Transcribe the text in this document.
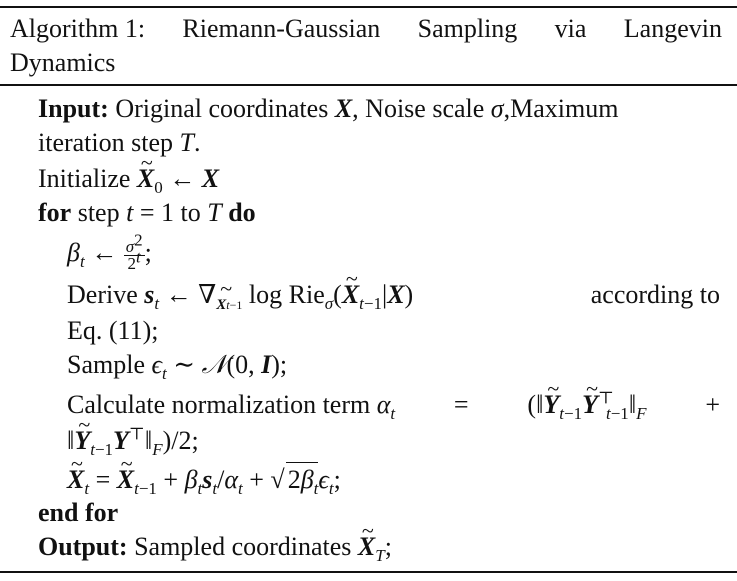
Algorithm 1: Riemann-Gaussian Sampling via Langevin
Dynamics
Input: Original coordinates X, Noise scale σ,Maximum
iteration step T.
Initialize ~ $X_0$ ← X
for step t = 1 to T do
$\beta_t$ ← $\frac{\sigma^2}{2^t}$ ;
Derive $s_t$ ← $\nabla_{Xt-1}$ log Rie$_\sigma$(~ $X_{t-1}|X$)	according to
Eq. (11);
Sample $\epsilon_t$ ∼ 𝒩(0, I);
Calculate normalization term $\alpha_t$ = (‖~ $Y_{t-1}\sim$ $Y^⊤_{t-1}‖_F$ +
‖~ $Y_{t-1}Y^⊤‖_F)/2$;
~ $X_t$ = ~ $X_{t-1} + \beta_ts_t/\alpha_t$ + √ $2\beta_t\epsilon_t$;
end for
Output: Sampled coordinates ~ $X_T$;
